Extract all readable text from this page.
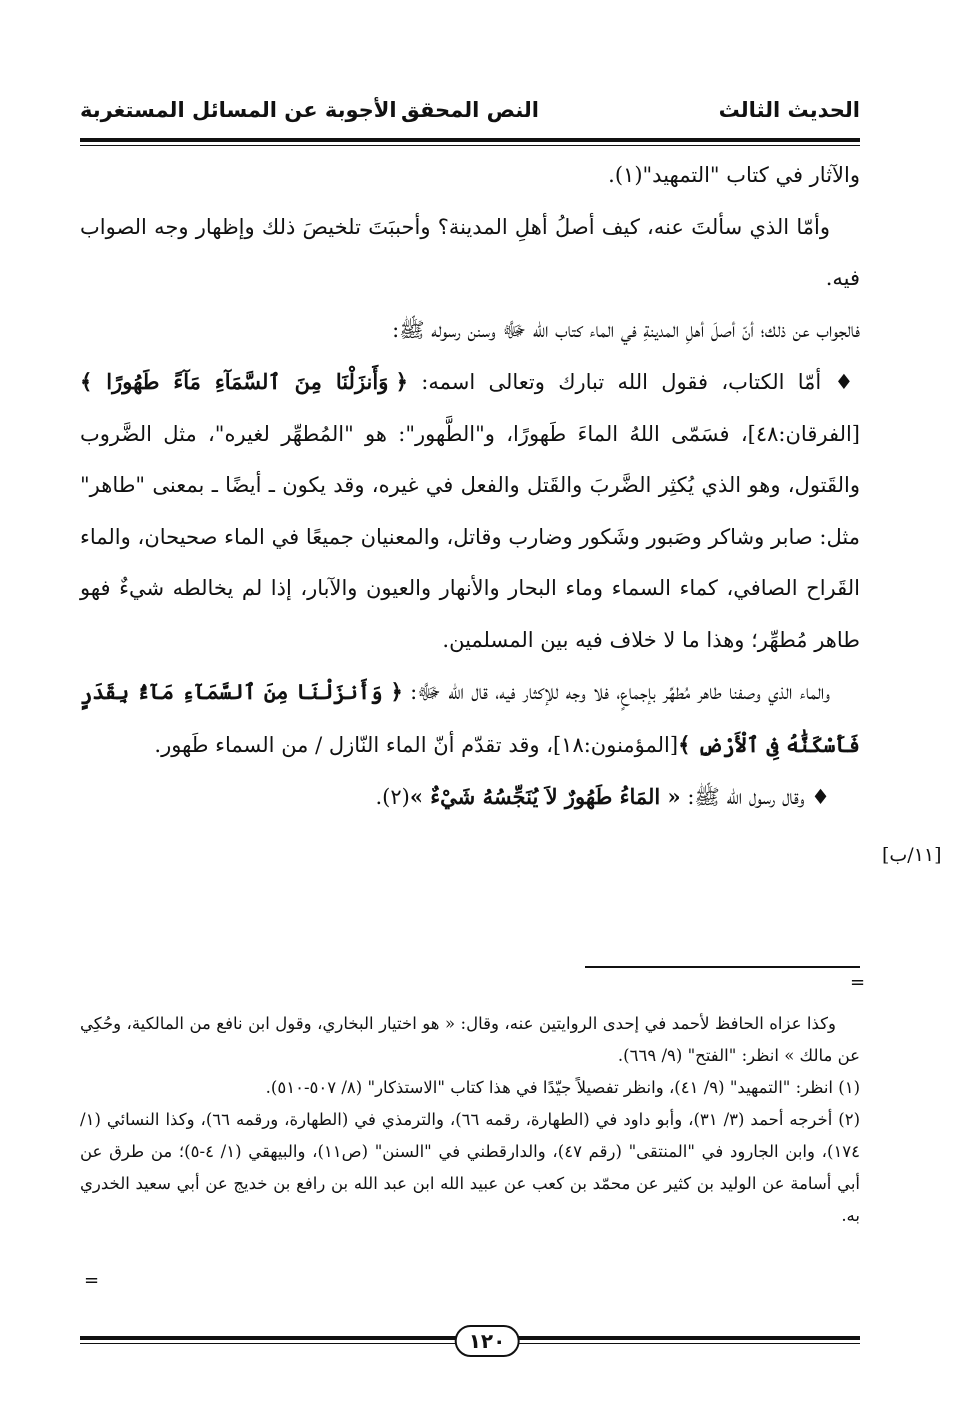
الحديث الثالث
النص المحقق
الأجوبة عن المسائل المستغربة

والآثار في كتاب "التمهيد"(١).

وأمّا الذي سألتَ عنه، كيف أصلُ أهلِ المدينة؟ وأحببَتَ تلخيصَ ذلك وإظهار وجه الصواب فيه.

فالجواب عن ذلك؛ أنّ أصلَ أهلِ المدينةِ في الماء كتاب الله ﷻ وسنن رسوله ﷺ:

♦ أمّا الكتاب، فقول الله تبارك وتعالى اسمه: ﴿ وَأَنزَلْنَا مِنَ ٱلسَّمَآءِ مَآءً طَهُورًا ﴾ [الفرقان:٤٨]، فسَمّى اللهُ الماءَ طَهورًا، و"الطَّهور": هو "المُطهِّر لغيره"، مثل الضَّروب والقَتول، وهو الذي يُكثِر الضَّربَ والقَتل والفعل في غيره، وقد يكون ـ أيضًا ـ بمعنى "طاهر" مثل: صابر وشاكر وصَبور وشَكور وضارب وقاتل، والمعنيان جميعًا في الماء صحيحان، والماء القَراح الصافي، كماء السماء وماء البحار والأنهار والعيون والآبار، إذا لم يخالطه شيءٌ فهو طاهر مُطهِّر؛ وهذا ما لا خلاف فيه بين المسلمين.

والماء الذي وصفنا طاهر مُطهِّر بإجماعٍ، فلا وجه للإكثار فيه، قال الله ﷻ: ﴿ وَأَنزَلْنَا مِنَ ٱلسَّمَآءِ مَآءًۢ بِقَدَرٍ فَأَسْكَنَّٰهُ فِى ٱلْأَرْضِ ﴾[المؤمنون:١٨]، وقد تقدّم أنّ الماء النّازل / من السماء طَهور.

♦ وقال رسول الله ﷺ: « المَاءُ طَهُورٌ لاَ يُنَجِّسُهُ شَيْءٌ »(٢).

[١١/ب]
=

وكذا عزاه الحافظ لأحمد في إحدى الروايتين عنه، وقال: « هو اختيار البخاري، وقول ابن نافع من المالكية، وحُكِي عن مالك » انظر: "الفتح" (٩/ ٦٦٩).

(١) انظر: "التمهيد" (٩/ ٤١)، وانظر تفصيلاً جيّدًا في هذا كتاب "الاستذكار" (٨/ ٥٠٧-٥١٠).

(٢) أخرجه أحمد (٣/ ٣١)، وأبو داود في (الطهارة، رقمه ٦٦)، والترمذي في (الطهارة، ورقمه ٦٦)، وكذا النسائي (١/ ١٧٤)، وابن الجارود في "المنتقى" (رقم ٤٧)، والدارقطني في "السنن" (ص١١)، والبيهقي (١/ ٤-٥)؛ من طرق عن أبي أسامة عن الوليد بن كثير عن محمّد بن كعب عن عبيد الله ابن عبد الله بن رافع بن خديج عن أبي سعيد الخدري به.

=
١٢٠
